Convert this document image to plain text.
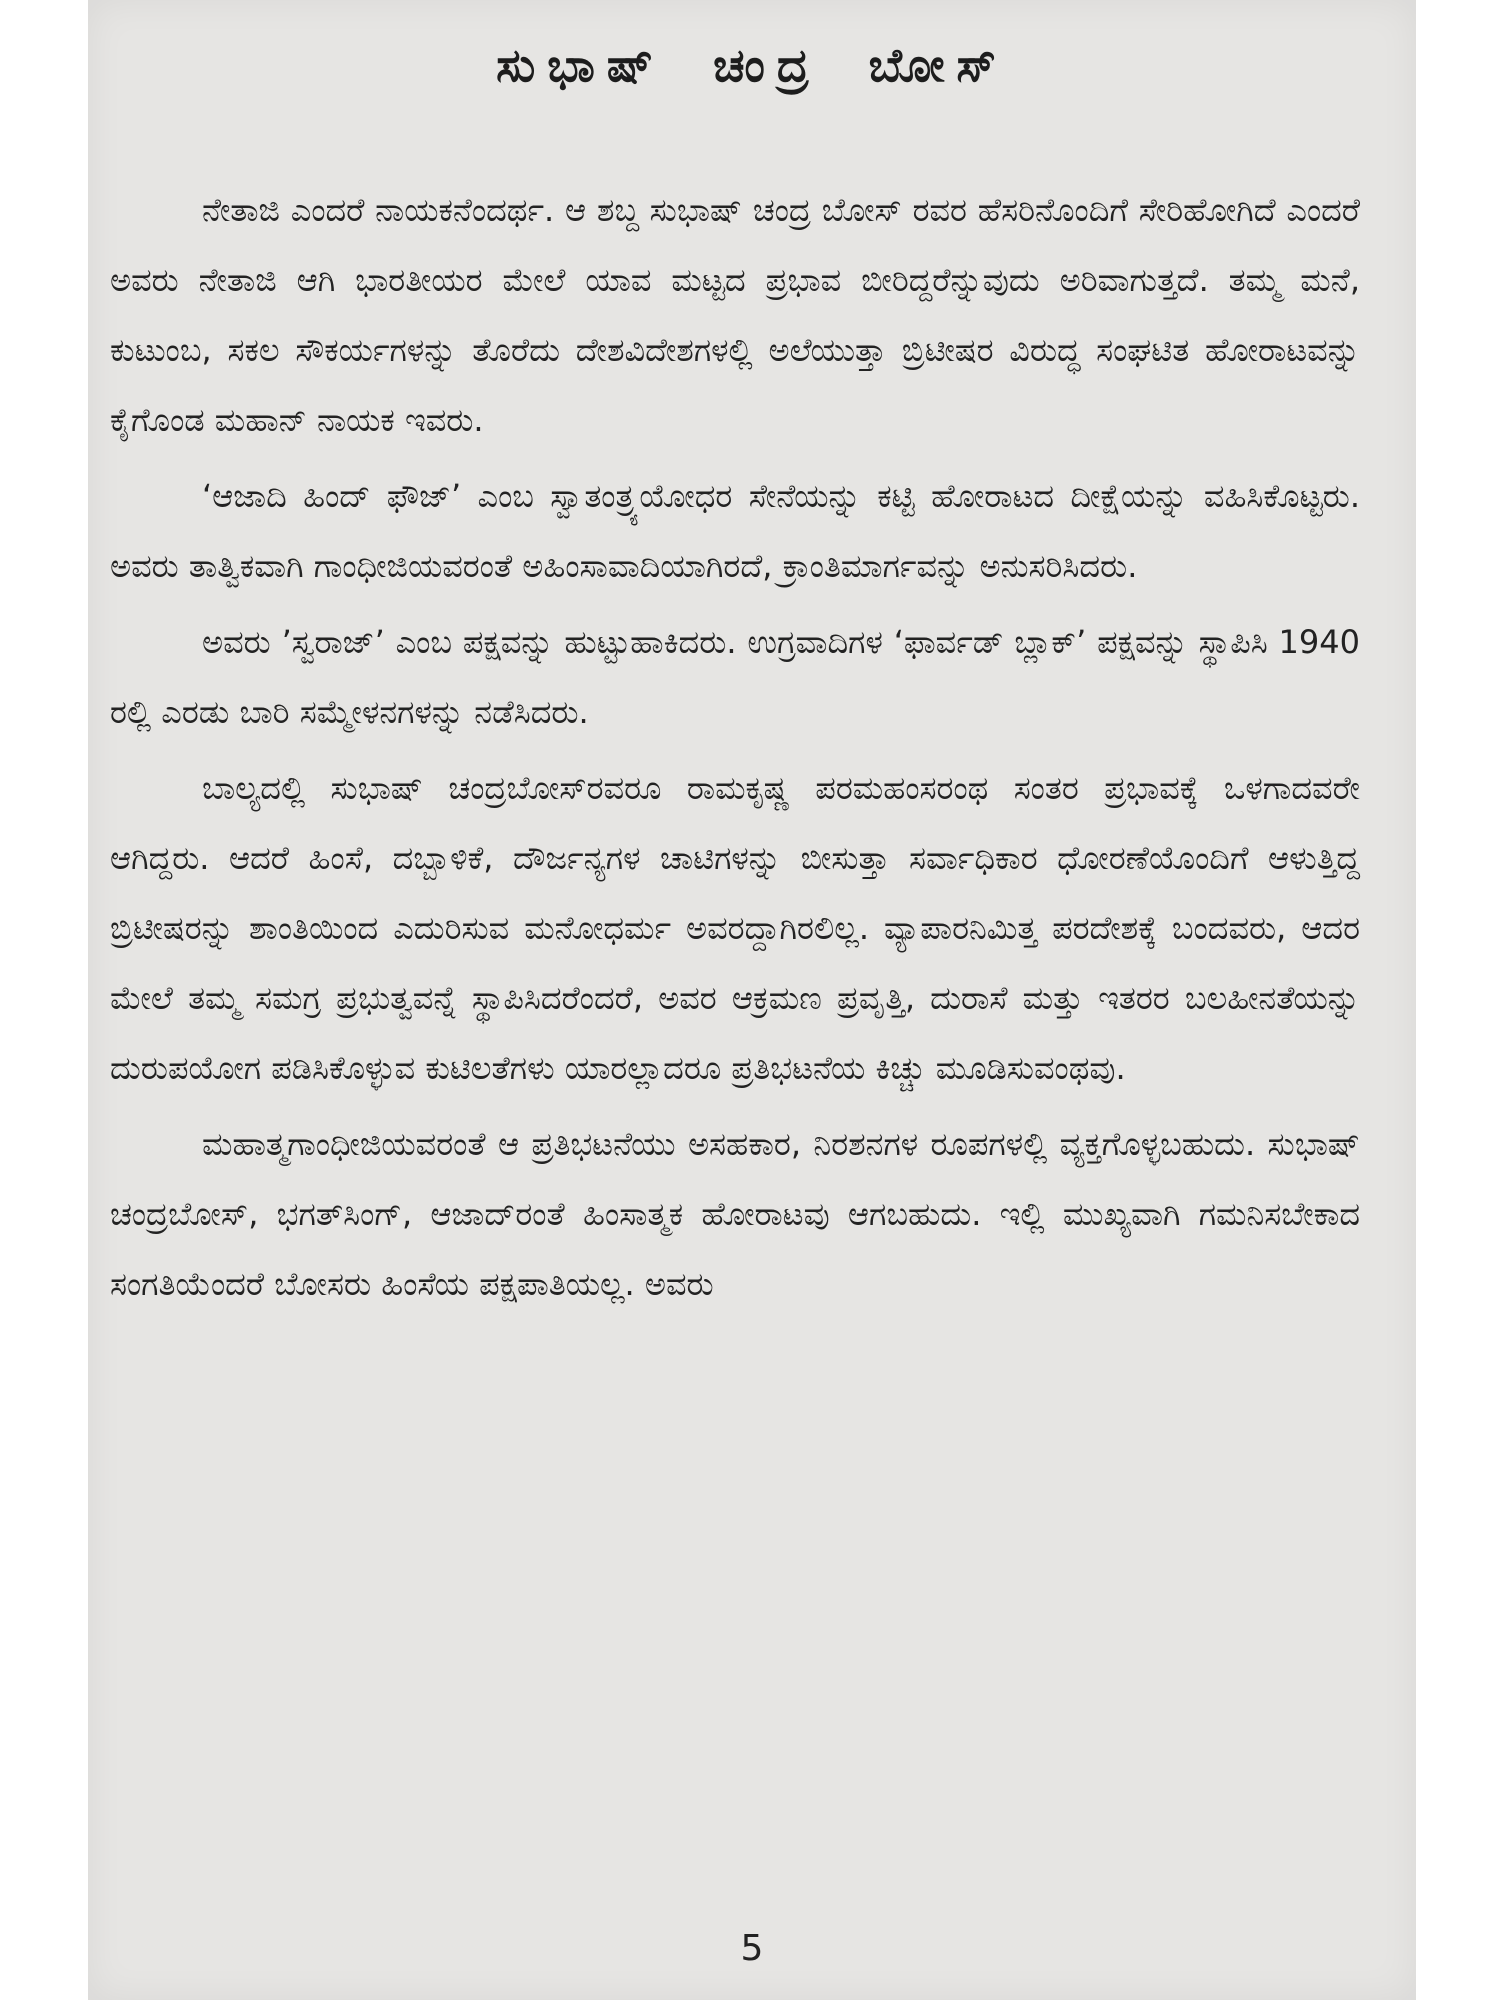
ಸುಭಾಷ್ ಚಂದ್ರ ಬೋಸ್

ನೇತಾಜಿ ಎಂದರೆ ನಾಯಕನೆಂದರ್ಥ. ಆ ಶಬ್ದ ಸುಭಾಷ್ ಚಂದ್ರ ಬೋಸ್ ರವರ ಹೆಸರಿನೊಂದಿಗೆ ಸೇರಿಹೋಗಿದೆ ಎಂದರೆ ಅವರು ನೇತಾಜಿ ಆಗಿ ಭಾರತೀಯರ ಮೇಲೆ ಯಾವ ಮಟ್ಟದ ಪ್ರಭಾವ ಬೀರಿದ್ದರೆನ್ನುವುದು ಅರಿವಾಗುತ್ತದೆ. ತಮ್ಮ ಮನೆ, ಕುಟುಂಬ, ಸಕಲ ಸೌಕರ್ಯಗಳನ್ನು ತೊರೆದು ದೇಶವಿದೇಶಗಳಲ್ಲಿ ಅಲೆಯುತ್ತಾ ಬ್ರಿಟೀಷರ ವಿರುದ್ಧ ಸಂಘಟಿತ ಹೋರಾಟವನ್ನು ಕೈಗೊಂಡ ಮಹಾನ್ ನಾಯಕ ಇವರು.

‘ಆಜಾದಿ ಹಿಂದ್ ಫೌಜ್’ ಎಂಬ ಸ್ವಾತಂತ್ರ್ಯಯೋಧರ ಸೇನೆಯನ್ನು ಕಟ್ಟಿ ಹೋರಾಟದ ದೀಕ್ಷೆಯನ್ನು ವಹಿಸಿಕೊಟ್ಟರು. ಅವರು ತಾತ್ವಿಕವಾಗಿ ಗಾಂಧೀಜಿಯವರಂತೆ ಅಹಿಂಸಾವಾದಿಯಾಗಿರದೆ, ಕ್ರಾಂತಿಮಾರ್ಗವನ್ನು ಅನುಸರಿಸಿದರು.

ಅವರು ’ಸ್ವರಾಜ್’ ಎಂಬ ಪಕ್ಷವನ್ನು ಹುಟ್ಟುಹಾಕಿದರು. ಉಗ್ರವಾದಿಗಳ ‘ಫಾರ್ವಡ್ ಬ್ಲಾಕ್’ ಪಕ್ಷವನ್ನು ಸ್ಥಾಪಿಸಿ 1940 ರಲ್ಲಿ ಎರಡು ಬಾರಿ ಸಮ್ಮೇಳನಗಳನ್ನು ನಡೆಸಿದರು.

ಬಾಲ್ಯದಲ್ಲಿ ಸುಭಾಷ್ ಚಂದ್ರಬೋಸ್‌ರವರೂ ರಾಮಕೃಷ್ಣ ಪರಮಹಂಸರಂಥ ಸಂತರ ಪ್ರಭಾವಕ್ಕೆ ಒಳಗಾದವರೇ ಆಗಿದ್ದರು. ಆದರೆ ಹಿಂಸೆ, ದಬ್ಬಾಳಿಕೆ, ದೌರ್ಜನ್ಯಗಳ ಚಾಟಿಗಳನ್ನು ಬೀಸುತ್ತಾ ಸರ್ವಾಧಿಕಾರ ಧೋರಣೆಯೊಂದಿಗೆ ಆಳುತ್ತಿದ್ದ ಬ್ರಿಟೀಷರನ್ನು ಶಾಂತಿಯಿಂದ ಎದುರಿಸುವ ಮನೋಧರ್ಮ ಅವರದ್ದಾಗಿರಲಿಲ್ಲ. ವ್ಯಾಪಾರನಿಮಿತ್ತ ಪರದೇಶಕ್ಕೆ ಬಂದವರು, ಆದರ ಮೇಲೆ ತಮ್ಮ ಸಮಗ್ರ ಪ್ರಭುತ್ವವನ್ನೆ ಸ್ಥಾಪಿಸಿದರೆಂದರೆ, ಅವರ ಆಕ್ರಮಣ ಪ್ರವೃತ್ತಿ, ದುರಾಸೆ ಮತ್ತು ಇತರರ ಬಲಹೀನತೆಯನ್ನು ದುರುಪಯೋಗ ಪಡಿಸಿಕೊಳ್ಳುವ ಕುಟಿಲತೆಗಳು ಯಾರಲ್ಲಾದರೂ ಪ್ರತಿಭಟನೆಯ ಕಿಚ್ಚು ಮೂಡಿಸುವಂಥವು.

ಮಹಾತ್ಮಗಾಂಧೀಜಿಯವರಂತೆ ಆ ಪ್ರತಿಭಟನೆಯು ಅಸಹಕಾರ, ನಿರಶನಗಳ ರೂಪಗಳಲ್ಲಿ ವ್ಯಕ್ತಗೊಳ್ಳಬಹುದು. ಸುಭಾಷ್ ಚಂದ್ರಬೋಸ್, ಭಗತ್‌ಸಿಂಗ್, ಆಜಾದ್‌ರಂತೆ ಹಿಂಸಾತ್ಮಕ ಹೋರಾಟವು ಆಗಬಹುದು. ಇಲ್ಲಿ ಮುಖ್ಯವಾಗಿ ಗಮನಿಸಬೇಕಾದ ಸಂಗತಿಯೆಂದರೆ ಬೋಸರು ಹಿಂಸೆಯ ಪಕ್ಷಪಾತಿಯಲ್ಲ. ಅವರು

5
